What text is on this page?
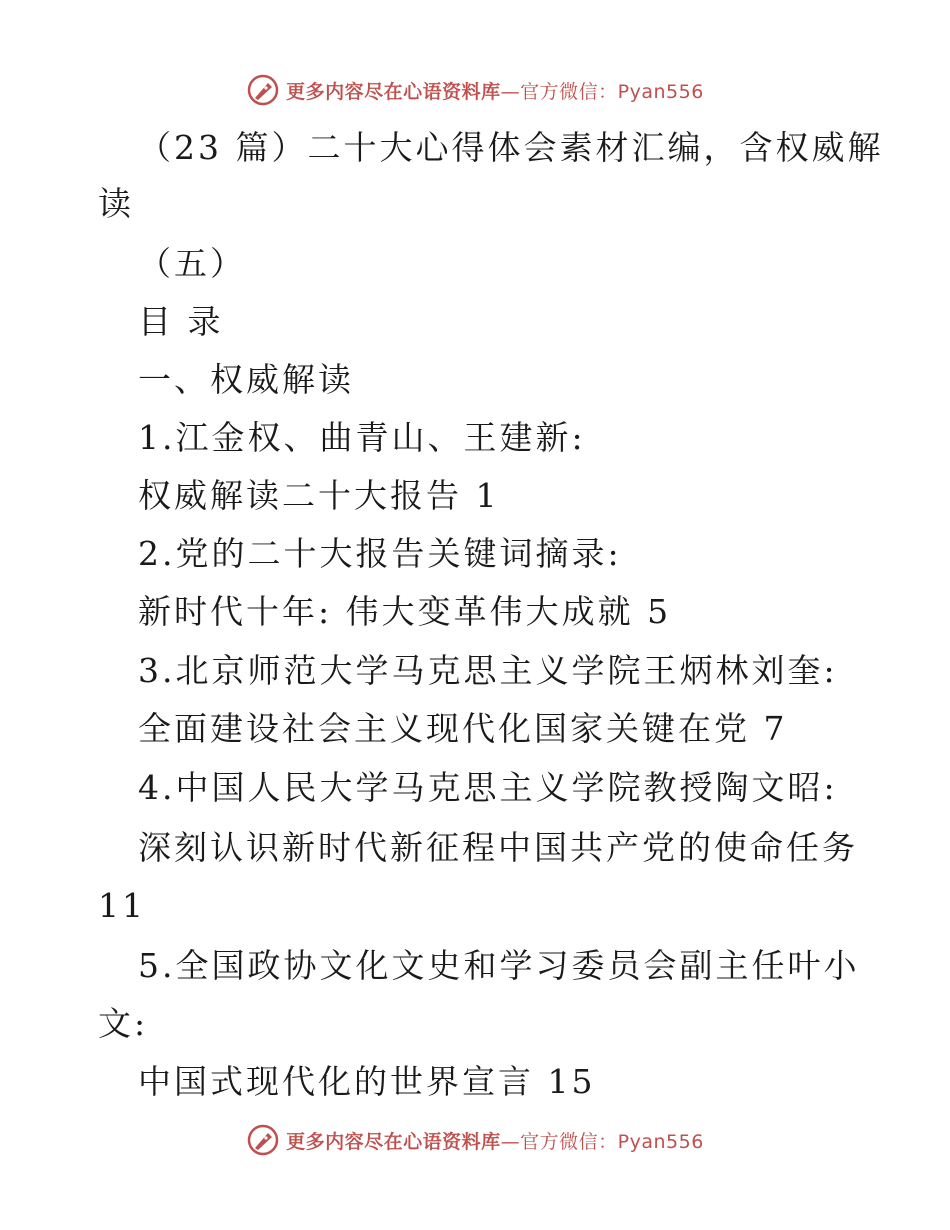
更多内容尽在心语资料库—官方微信：Pyan556
（23 篇）二十大心得体会素材汇编，含权威解
读
（五）
目 录
一、权威解读
1.江金权、曲青山、王建新:
权威解读二十大报告 1
2.党的二十大报告关键词摘录:
新时代十年: 伟大变革伟大成就 5
3.北京师范大学马克思主义学院王炳林刘奎:
全面建设社会主义现代化国家关键在党 7
4.中国人民大学马克思主义学院教授陶文昭:
深刻认识新时代新征程中国共产党的使命任务
11
5.全国政协文化文史和学习委员会副主任叶小
文:
中国式现代化的世界宣言 15
更多内容尽在心语资料库—官方微信：Pyan556
